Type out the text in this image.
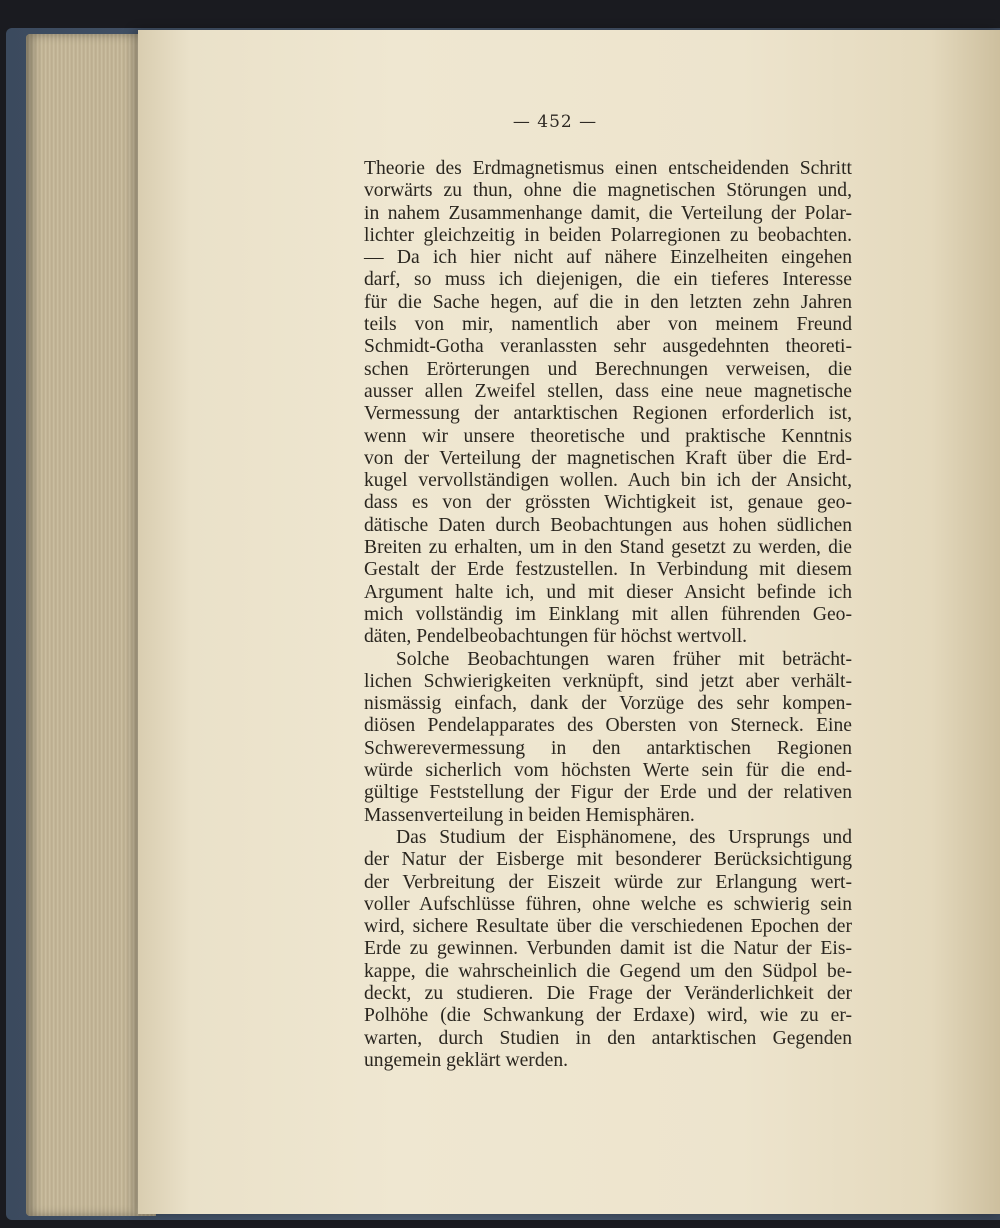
— 452 —
Theorie des Erdmagnetismus einen entscheidenden Schritt
vorwärts zu thun, ohne die magnetischen Störungen und,
in nahem Zusammenhange damit, die Verteilung der Polar-
lichter gleichzeitig in beiden Polarregionen zu beobachten.
— Da ich hier nicht auf nähere Einzelheiten eingehen
darf, so muss ich diejenigen, die ein tieferes Interesse
für die Sache hegen, auf die in den letzten zehn Jahren
teils von mir, namentlich aber von meinem Freund
Schmidt-Gotha veranlassten sehr ausgedehnten theoreti-
schen Erörterungen und Berechnungen verweisen, die
ausser allen Zweifel stellen, dass eine neue magnetische
Vermessung der antarktischen Regionen erforderlich ist,
wenn wir unsere theoretische und praktische Kenntnis
von der Verteilung der magnetischen Kraft über die Erd-
kugel vervollständigen wollen. Auch bin ich der Ansicht,
dass es von der grössten Wichtigkeit ist, genaue geo-
dätische Daten durch Beobachtungen aus hohen südlichen
Breiten zu erhalten, um in den Stand gesetzt zu werden, die
Gestalt der Erde festzustellen. In Verbindung mit diesem
Argument halte ich, und mit dieser Ansicht befinde ich
mich vollständig im Einklang mit allen führenden Geo-
däten, Pendelbeobachtungen für höchst wertvoll.
Solche Beobachtungen waren früher mit beträcht-
lichen Schwierigkeiten verknüpft, sind jetzt aber verhält-
nismässig einfach, dank der Vorzüge des sehr kompen-
diösen Pendelapparates des Obersten von Sterneck. Eine
Schwerevermessung in den antarktischen Regionen
würde sicherlich vom höchsten Werte sein für die end-
gültige Feststellung der Figur der Erde und der relativen
Massenverteilung in beiden Hemisphären.
Das Studium der Eisphänomene, des Ursprungs und
der Natur der Eisberge mit besonderer Berücksichtigung
der Verbreitung der Eiszeit würde zur Erlangung wert-
voller Aufschlüsse führen, ohne welche es schwierig sein
wird, sichere Resultate über die verschiedenen Epochen der
Erde zu gewinnen. Verbunden damit ist die Natur der Eis-
kappe, die wahrscheinlich die Gegend um den Südpol be-
deckt, zu studieren. Die Frage der Veränderlichkeit der
Polhöhe (die Schwankung der Erdaxe) wird, wie zu er-
warten, durch Studien in den antarktischen Gegenden
ungemein geklärt werden.
